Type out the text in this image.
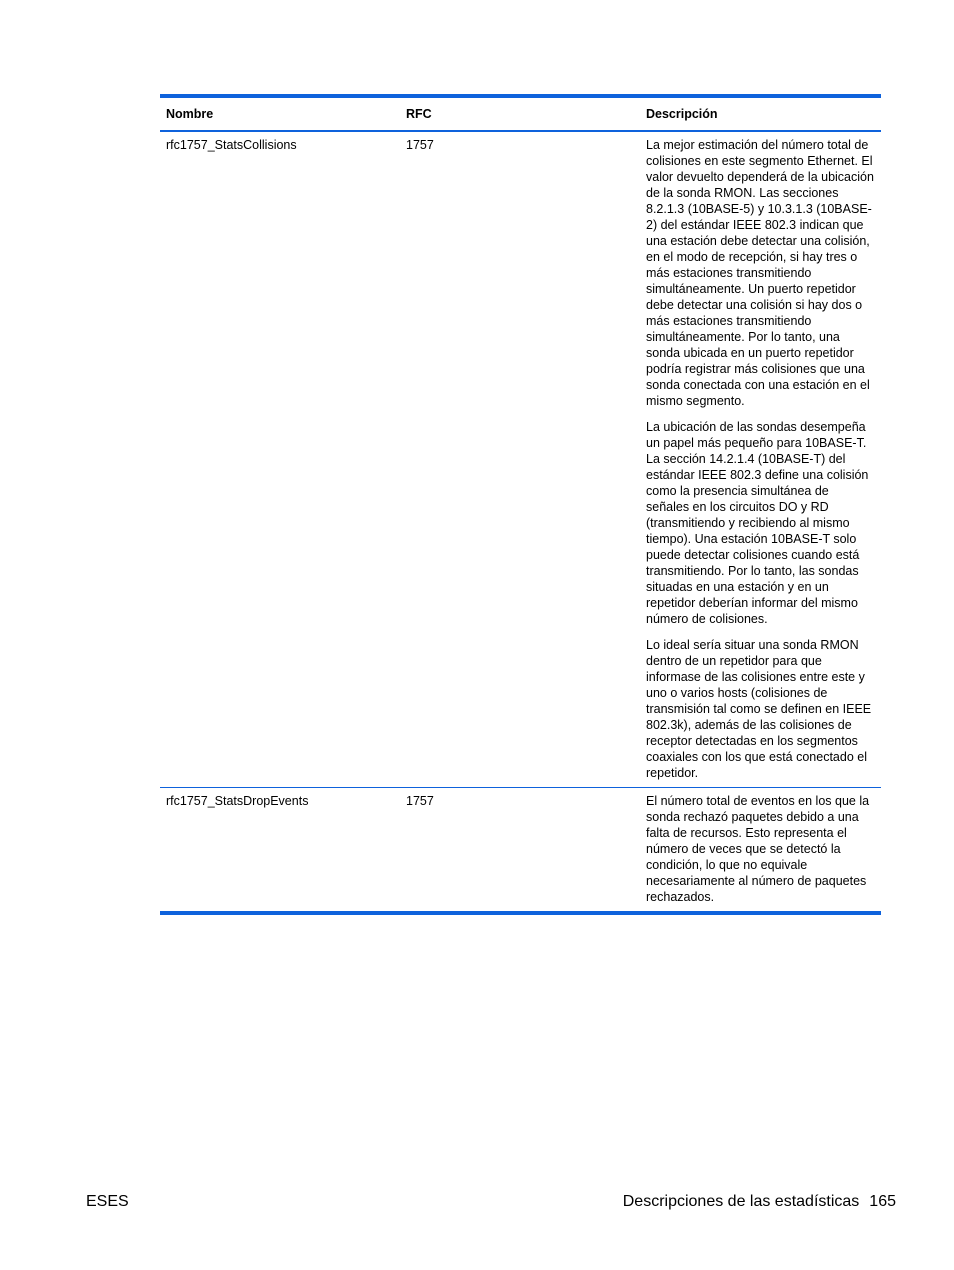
Nombre	RFC	Descripción
rfc1757_StatsCollisions	1757	La mejor estimación del número total de colisiones en este segmento Ethernet. El valor devuelto dependerá de la ubicación de la sonda RMON. Las secciones 8.2.1.3 (10BASE-5) y 10.3.1.3 (10BASE-2) del estándar IEEE 802.3 indican que una estación debe detectar una colisión, en el modo de recepción, si hay tres o más estaciones transmitiendo simultáneamente. Un puerto repetidor debe detectar una colisión si hay dos o más estaciones transmitiendo simultáneamente. Por lo tanto, una sonda ubicada en un puerto repetidor podría registrar más colisiones que una sonda conectada con una estación en el mismo segmento.

La ubicación de las sondas desempeña un papel más pequeño para 10BASE-T. La sección 14.2.1.4 (10BASE-T) del estándar IEEE 802.3 define una colisión como la presencia simultánea de señales en los circuitos DO y RD (transmitiendo y recibiendo al mismo tiempo). Una estación 10BASE-T solo puede detectar colisiones cuando está transmitiendo. Por lo tanto, las sondas situadas en una estación y en un repetidor deberían informar del mismo número de colisiones.

Lo ideal sería situar una sonda RMON dentro de un repetidor para que informase de las colisiones entre este y uno o varios hosts (colisiones de transmisión tal como se definen en IEEE 802.3k), además de las colisiones de receptor detectadas en los segmentos coaxiales con los que está conectado el repetidor.

rfc1757_StatsDropEvents	1757	El número total de eventos en los que la sonda rechazó paquetes debido a una falta de recursos. Esto representa el número de veces que se detectó la condición, lo que no equivale necesariamente al número de paquetes rechazados.

ESES	Descripciones de las estadísticas 165
